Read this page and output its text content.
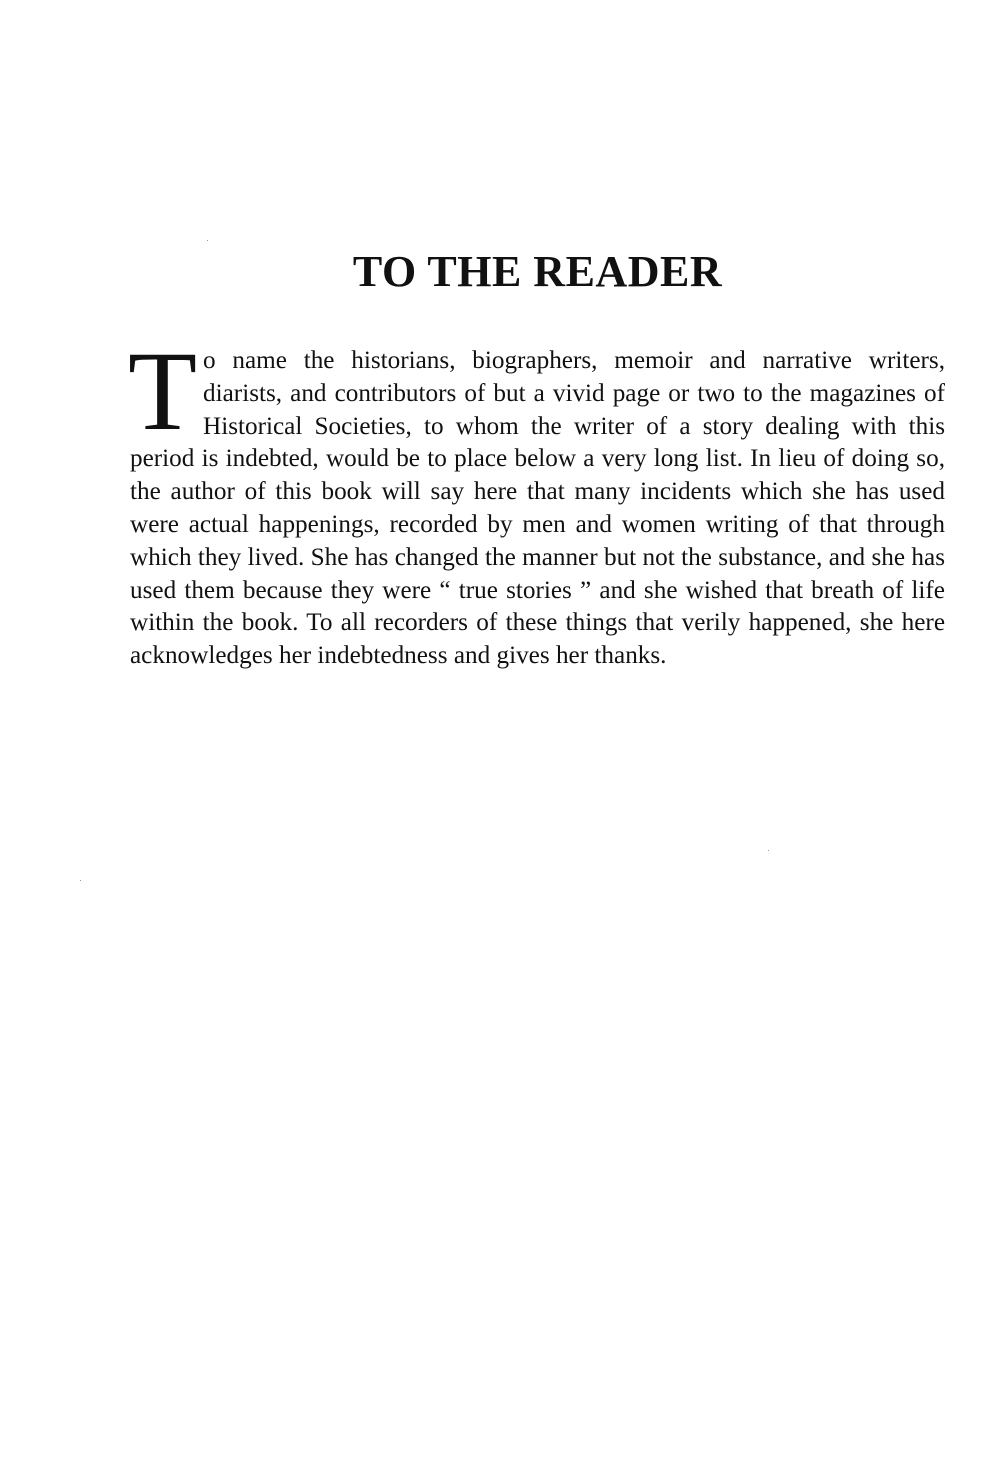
TO THE READER

To name the historians, biographers, memoir and narrative writers, diarists, and contributors of but a vivid page or two to the magazines of Historical Societies, to whom the writer of a story dealing with this period is indebted, would be to place below a very long list. In lieu of doing so, the author of this book will say here that many incidents which she has used were actual happenings, recorded by men and women writing of that through which they lived. She has changed the manner but not the substance, and she has used them because they were “ true stories ” and she wished that breath of life within the book. To all recorders of these things that verily happened, she here acknowledges her indebtedness and gives her thanks.
